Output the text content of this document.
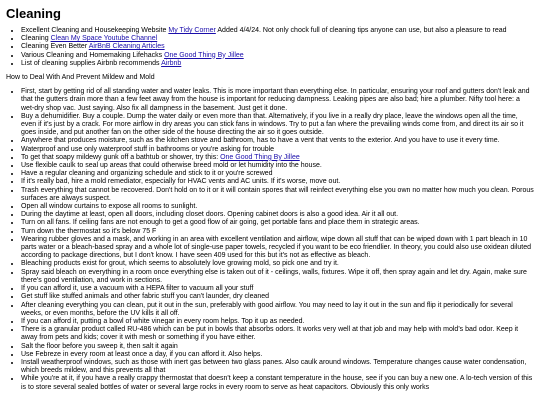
Cleaning
• Excellent Cleaning and Housekeeping Website My Tidy Corner Added 4/4/24. Not only chock full of cleaning tips anyone can use, but also a pleasure to read
• Cleaning Clean My Space Youtube Channel
• Cleaning Even Better AirBnB Cleaning Articles
• Various Cleaning and Homemaking Lifehacks One Good Thing By Jillee
• List of cleaning supplies Airbnb recommends Airbnb

How to Deal With And Prevent Mildew and Mold

• First, start by getting rid of all standing water and water leaks. This is more important than everything else. In particular, ensuring your roof and gutters don't leak and that the gutters drain more than a few feet away from the house is important for reducing dampness. Leaking pipes are also bad; hire a plumber. Nifty tool here: a wet-dry shop vac. Just saying. Also fix all dampness in the basement. Just get it done.
• Buy a dehumidifier. Buy a couple. Dump the water daily or even more than that. Alternatively, if you live in a really dry place, leave the windows open all the time, even if it's just by a crack. For more airflow in dry areas you can stick fans in windows. Try to put a fan where the prevailing winds come from, and direct its air so it goes inside, and put another fan on the other side of the house directing the air so it goes outside.
• Anywhere that produces moisture, such as the kitchen stove and bathroom, has to have a vent that vents to the exterior. And you have to use it every time.
• Waterproof and use only waterproof stuff in bathrooms or you're asking for trouble
• To get that soapy mildewy gunk off a bathtub or shower, try this: One Good Thing By Jillee
• Use flexible caulk to seal up areas that could otherwise breed mold or let humidity into the house.
• Have a regular cleaning and organizing schedule and stick to it or you're screwed
• If it's really bad, hire a mold remediator, especially for HVAC vents and AC units. If it's worse, move out.
• Trash everything that cannot be recovered. Don't hold on to it or it will contain spores that will reinfect everything else you own no matter how much you clean. Porous surfaces are always suspect.
• Open all window curtains to expose all rooms to sunlight.
• During the daytime at least, open all doors, including closet doors. Opening cabinet doors is also a good idea. Air it all out.
• Turn on all fans. If ceiling fans are not enough to get a good flow of air going, get portable fans and place them in strategic areas.
• Turn down the thermostat so it's below 75 F
• Wearing rubber gloves and a mask, and working in an area with excellent ventilation and airflow, wipe down all stuff that can be wiped down with 1 part bleach in 10 parts water or a bleach-based spray and a whole lot of single-use paper towels, recycled if you want to be eco friendlier. In theory, you could also use oxidean diluted according to package directions, but I don't know. I have seen 409 used for this but it's not as effective as bleach.
• Bleaching products exist for grout, which seems to absolutely love growing mold, so pick one and try it.
• Spray said bleach on everything in a room once everything else is taken out of it - ceilings, walls, fixtures. Wipe it off, then spray again and let dry. Again, make sure there's good ventilation, and work in sections.
• If you can afford it, use a vacuum with a HEPA filter to vacuum all your stuff
• Get stuff like stuffed animals and other fabric stuff you can't launder, dry cleaned
• After cleaning everything you can clean, put it out in the sun, preferably with good airflow. You may need to lay it out in the sun and flip it periodically for several weeks, or even months, before the UV kills it all off.
• If you can afford it, putting a bowl of white vinegar in every room helps. Top it up as needed.
• There is a granular product called RU-486 which can be put in bowls that absorbs odors. It works very well at that job and may help with mold's bad odor. Keep it away from pets and kids; cover it with mesh or something if you have either.
• Salt the floor before you sweep it, then salt it again
• Use Febreze in every room at least once a day, if you can afford it. Also helps.
• Install weatherproof windows, such as those with inert gas between two glass panes. Also caulk around windows. Temperature changes cause water condensation, which breeds mildew, and this prevents all that
• While you're at it, if you have a really crappy thermostat that doesn't keep a constant temperature in the house, see if you can buy a new one. A lo-tech version of this is to store several sealed bottles of water or several large rocks in every room to serve as heat capacitors. Obviously this only works
